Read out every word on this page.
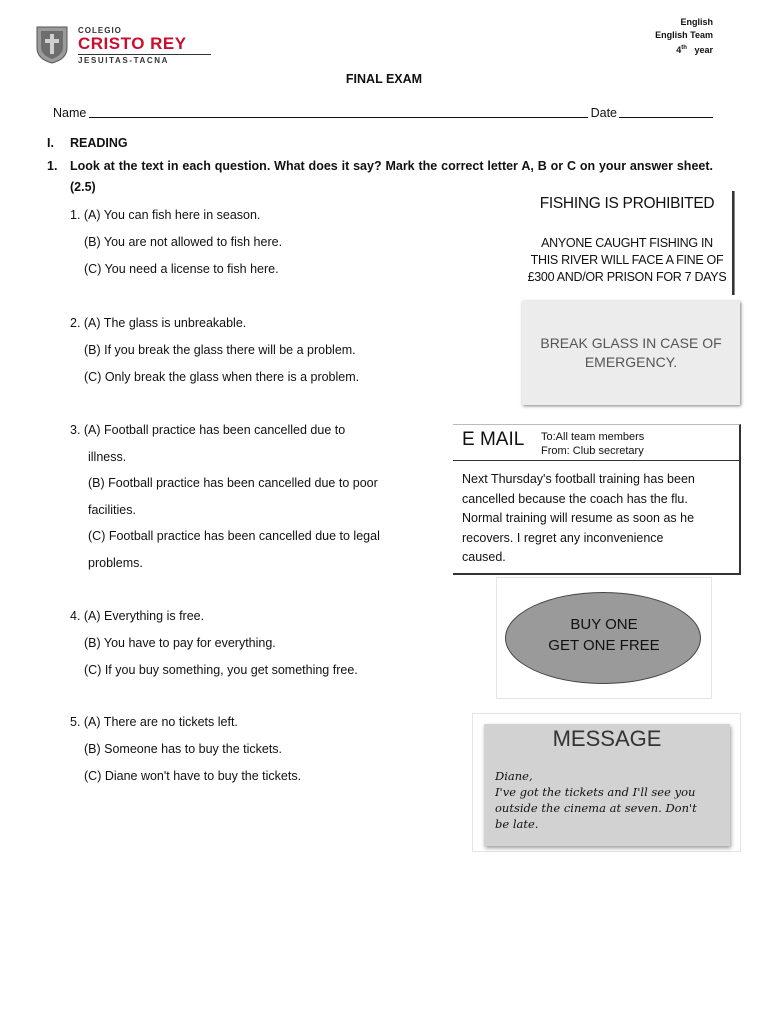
COLEGIO
CRISTO REY
JESUITAS-TACNA
English
English Team
4th year
FINAL EXAM
Name	Date
I. READING
1. Look at the text in each question. What does it say? Mark the correct letter A, B or C on your answer sheet.(2.5)
1. (A) You can fish here in season.
(B) You are not allowed to fish here.
(C) You need a license to fish here.
2. (A) The glass is unbreakable.
(B) If you break the glass there will be a problem.
(C) Only break the glass when there is a problem.
3. (A) Football practice has been cancelled due to
illness.
(B) Football practice has been cancelled due to poor
facilities.
(C) Football practice has been cancelled due to legal
problems.
4. (A) Everything is free.
(B) You have to pay for everything.
(C) If you buy something, you get something free.
5. (A) There are no tickets left.
(B) Someone has to buy the tickets.
(C) Diane won't have to buy the tickets.
FISHING IS PROHIBITED
ANYONE CAUGHT FISHING IN
THIS RIVER WILL FACE A FINE OF
£300 AND/OR PRISON FOR 7 DAYS
BREAK GLASS IN CASE OF
EMERGENCY.
E MAIL To:All team members
From: Club secretary
Next Thursday's football training has been
cancelled because the coach has the flu.
Normal training will resume as soon as he
recovers. I regret any inconvenience
caused.
BUY ONE
GET ONE FREE
MESSAGE
Diane,
I've got the tickets and I'll see you
outside the cinema at seven. Don't
be late.
